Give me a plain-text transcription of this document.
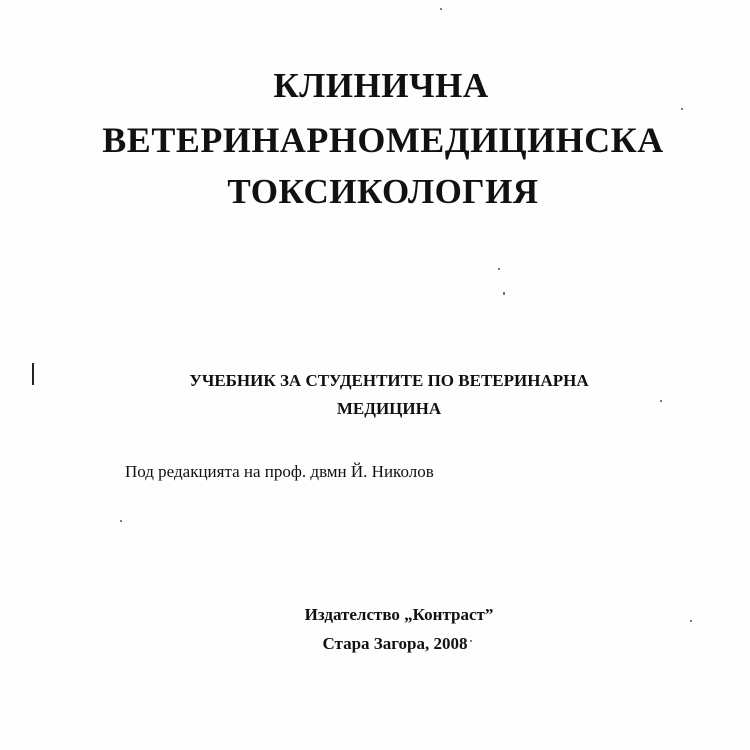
КЛИНИЧНА
ВЕТЕРИНАРНОМЕДИЦИНСКА
ТОКСИКОЛОГИЯ
УЧЕБНИК ЗА СТУДЕНТИТЕ ПО ВЕТЕРИНАРНА
МЕДИЦИНА
Под редакцията на проф. двмн Й. Николов
Издателство „Контраст”
Стара Загора, 2008
